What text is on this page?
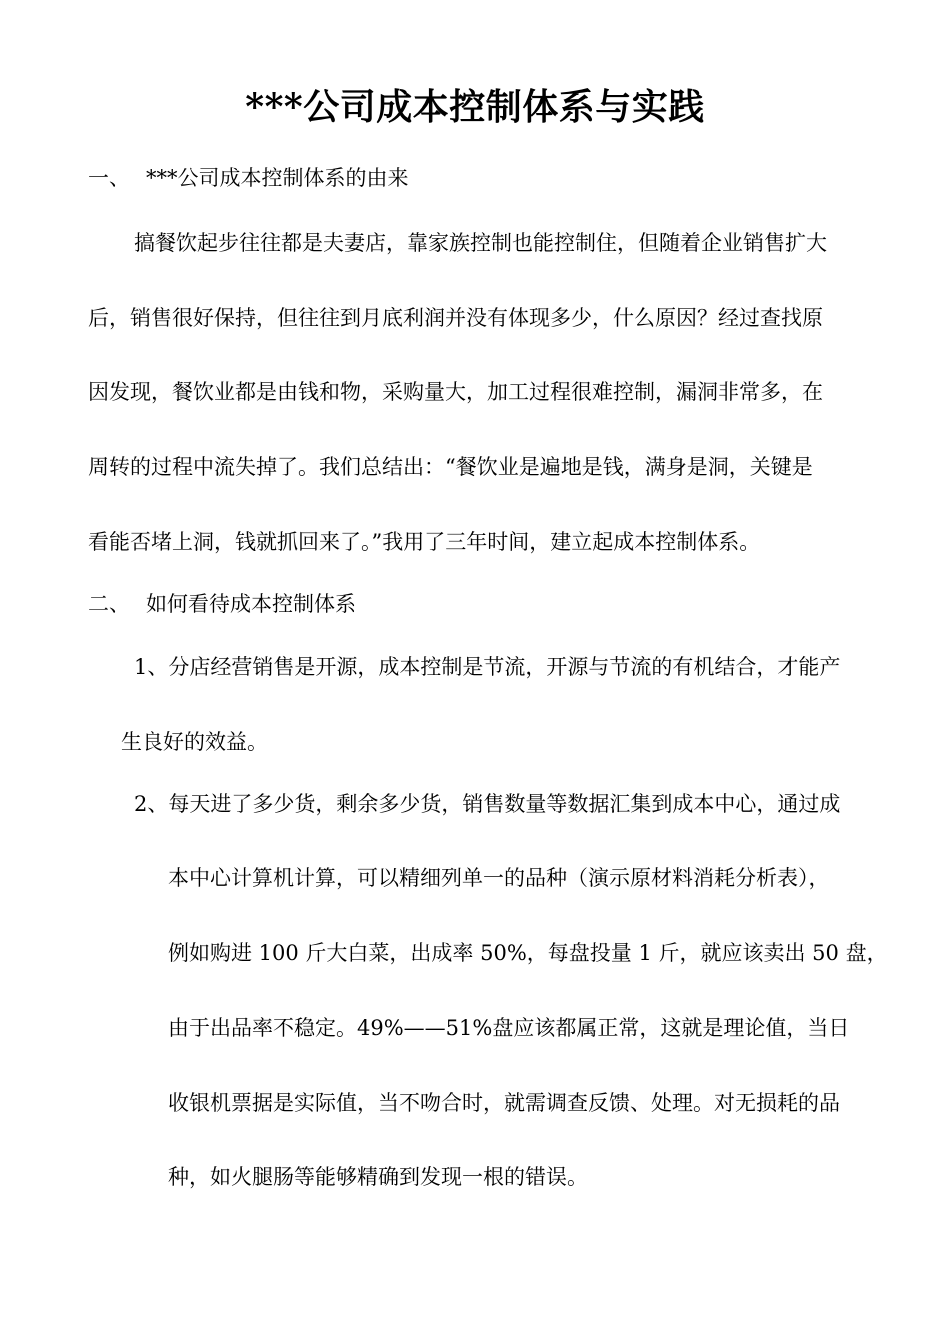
***公司成本控制体系与实践
一、 ***公司成本控制体系的由来
搞餐饮起步往往都是夫妻店，靠家族控制也能控制住，但随着企业销售扩大
后，销售很好保持，但往往到月底利润并没有体现多少，什么原因？经过查找原
因发现，餐饮业都是由钱和物，采购量大，加工过程很难控制，漏洞非常多，在
周转的过程中流失掉了。我们总结出：“餐饮业是遍地是钱，满身是洞，关键是
看能否堵上洞，钱就抓回来了。”我用了三年时间，建立起成本控制体系。
二、 如何看待成本控制体系
1、分店经营销售是开源，成本控制是节流，开源与节流的有机结合，才能产
生良好的效益。
2、每天进了多少货，剩余多少货，销售数量等数据汇集到成本中心，通过成
本中心计算机计算，可以精细列单一的品种（演示原材料消耗分析表），
例如购进 100 斤大白菜，出成率 50%，每盘投量 1 斤，就应该卖出 50 盘，
由于出品率不稳定。49%——51%盘应该都属正常，这就是理论值，当日
收银机票据是实际值，当不吻合时，就需调查反馈、处理。对无损耗的品
种，如火腿肠等能够精确到发现一根的错误。
